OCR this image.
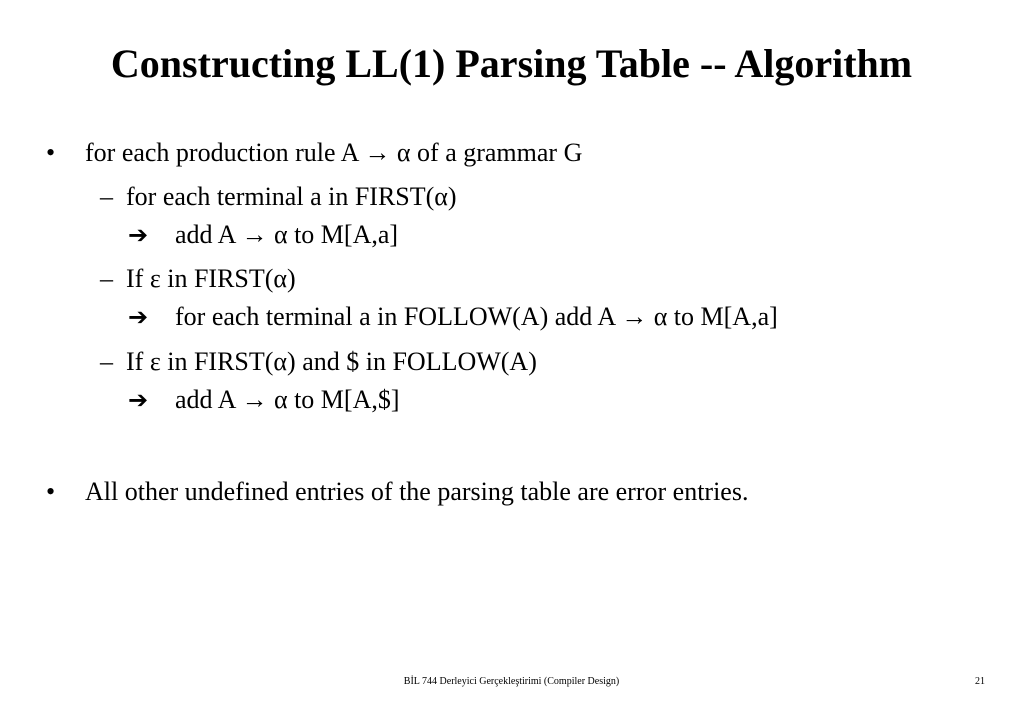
Constructing LL(1) Parsing Table -- Algorithm
• for each production rule A → α of a grammar G
– for each terminal a in FIRST(α)
➔ add A → α to M[A,a]
– If ε in FIRST(α)
➔ for each terminal a in FOLLOW(A) add A → α to M[A,a]
– If ε in FIRST(α) and $ in FOLLOW(A)
➔ add A → α to M[A,$]
• All other undefined entries of the parsing table are error entries.
BİL 744 Derleyici Gerçekleştirimi (Compiler Design)	21
